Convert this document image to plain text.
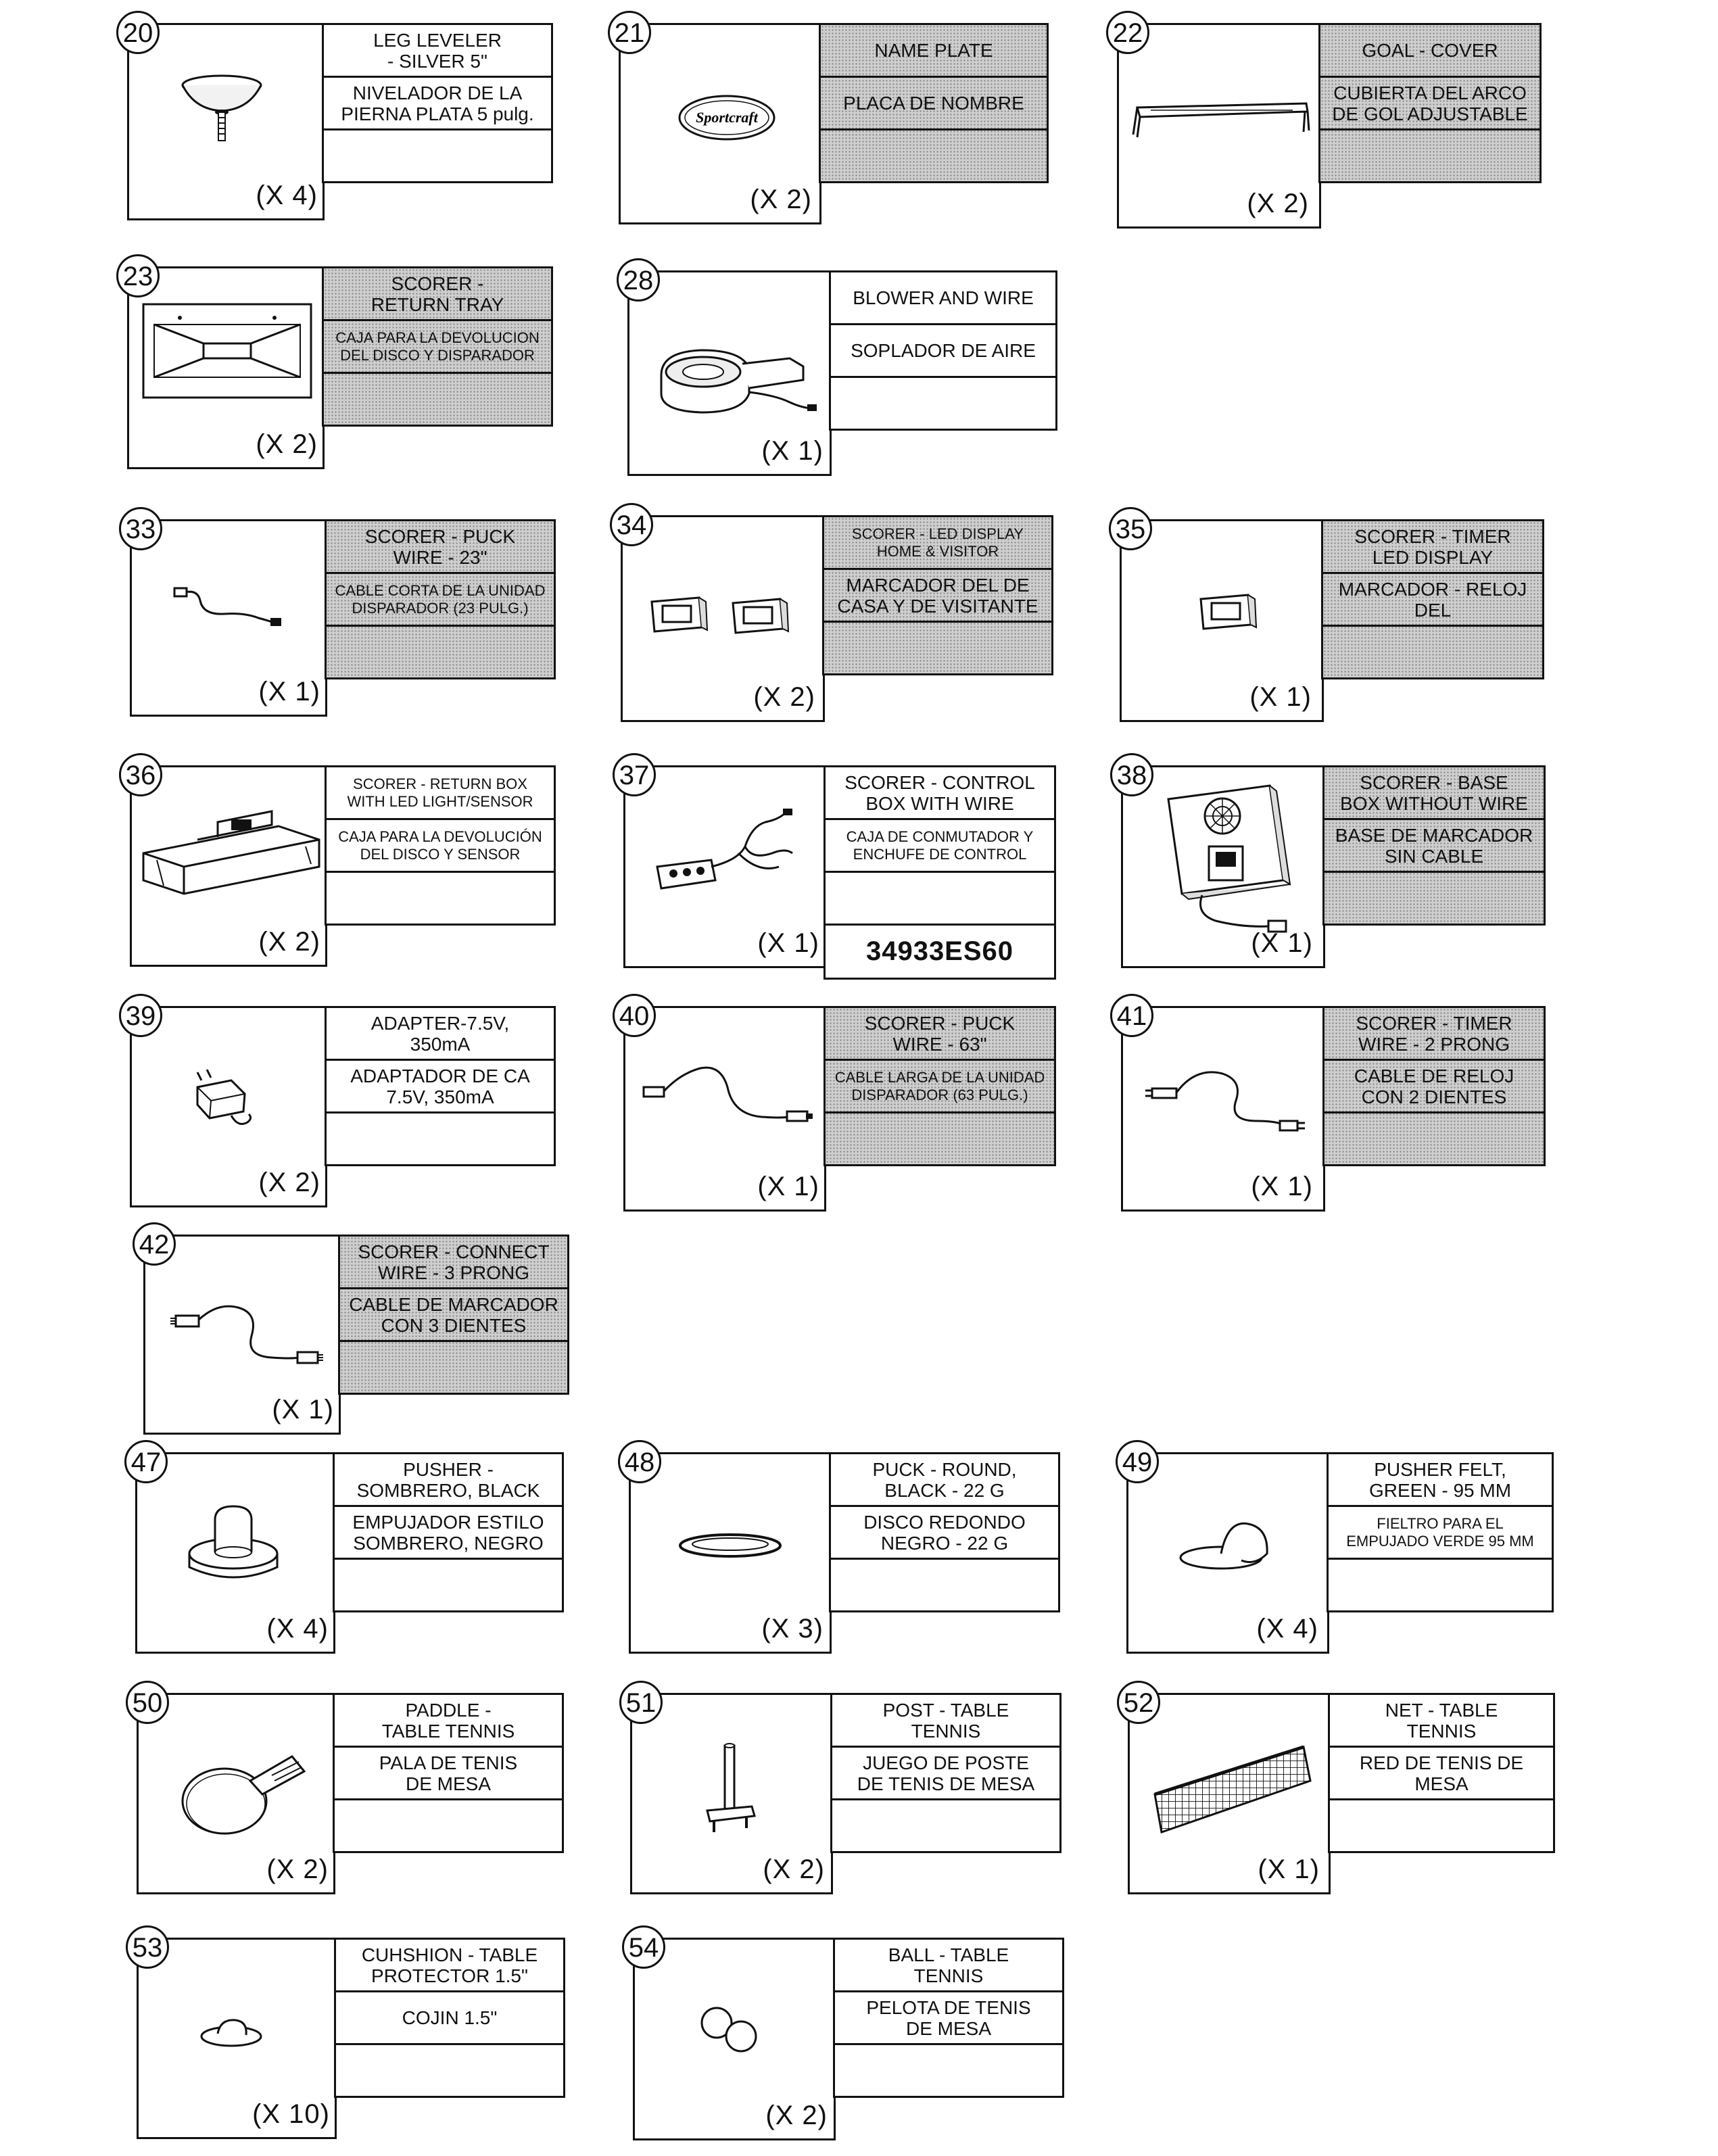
20
(X 4)
LEG LEVELER
- SILVER 5"
NIVELADOR DE LA
PIERNA PLATA 5 pulg.
21
Sportcraft
(X 2)
NAME PLATE
PLACA DE NOMBRE
22
(X 2)
GOAL - COVER
CUBIERTA DEL ARCO
DE GOL ADJUSTABLE
23
(X 2)
SCORER -
RETURN TRAY
CAJA PARA LA DEVOLUCION
DEL DISCO Y DISPARADOR
28
(X 1)
BLOWER AND WIRE
SOPLADOR DE AIRE
33
(X 1)
SCORER - PUCK
WIRE - 23"
CABLE CORTA DE LA UNIDAD
DISPARADOR (23 PULG.)
34
(X 2)
SCORER - LED DISPLAY
HOME & VISITOR
MARCADOR DEL DE
CASA Y DE VISITANTE
35
(X 1)
SCORER - TIMER
LED DISPLAY
MARCADOR - RELOJ
DEL
36
(X 2)
SCORER - RETURN BOX
WITH LED LIGHT/SENSOR
CAJA PARA LA DEVOLUCIÓN
DEL DISCO Y SENSOR
37
(X 1)
SCORER - CONTROL
BOX WITH WIRE
CAJA DE CONMUTADOR Y
ENCHUFE DE CONTROL
34933ES60
38
(X 1)
SCORER - BASE
BOX WITHOUT WIRE
BASE DE MARCADOR
SIN CABLE
39
(X 2)
ADAPTER-7.5V,
350mA
ADAPTADOR DE CA
7.5V, 350mA
40
(X 1)
SCORER - PUCK
WIRE - 63"
CABLE LARGA DE LA UNIDAD
DISPARADOR (63 PULG.)
41
(X 1)
SCORER - TIMER
WIRE - 2 PRONG
CABLE DE RELOJ
CON 2 DIENTES
42
(X 1)
SCORER - CONNECT
WIRE - 3 PRONG
CABLE DE MARCADOR
CON 3 DIENTES
47
(X 4)
PUSHER -
SOMBRERO, BLACK
EMPUJADOR ESTILO
SOMBRERO, NEGRO
48
(X 3)
PUCK - ROUND,
BLACK - 22 G
DISCO REDONDO
NEGRO - 22 G
49
(X 4)
PUSHER FELT,
GREEN - 95 MM
FIELTRO PARA EL
EMPUJADO VERDE 95 MM
50
(X 2)
PADDLE -
TABLE TENNIS
PALA DE TENIS
DE MESA
51
(X 2)
POST - TABLE
TENNIS
JUEGO DE POSTE
DE TENIS DE MESA
52
(X 1)
NET - TABLE
TENNIS
RED DE TENIS DE
MESA
53
(X 10)
CUHSHION - TABLE
PROTECTOR 1.5"
COJIN 1.5"
54
(X 2)
BALL - TABLE
TENNIS
PELOTA DE TENIS
DE MESA
